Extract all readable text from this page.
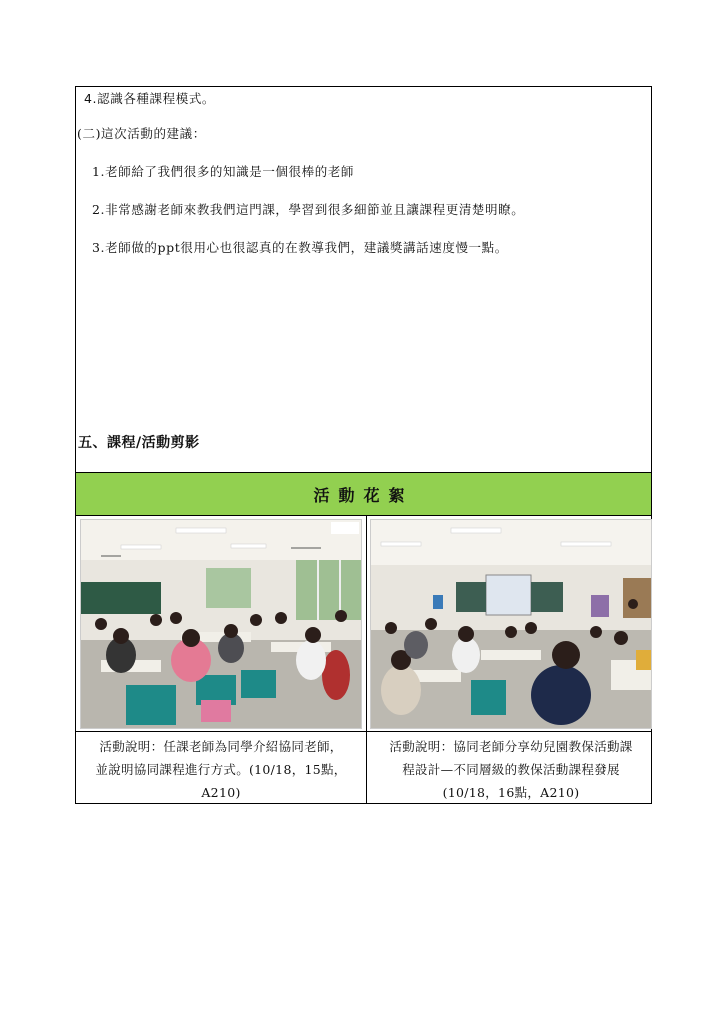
4.認識各種課程模式。
(二)這次活動的建議：
1.老師給了我們很多的知識是一個很棒的老師
2.非常感謝老師來教我們這門課，學習到很多細節並且讓課程更清楚明瞭。
3.老師做的ppt很用心也很認真的在教導我們，建議獎講話速度慢一點。
五、課程/活動剪影
活動花絮
活動說明：任課老師為同學介紹協同老師，
並說明協同課程進行方式。(10/18，15點，
A210)
活動說明：協同老師分享幼兒園教保活動課
程設計—不同層級的教保活動課程發展
(10/18，16點，A210)
